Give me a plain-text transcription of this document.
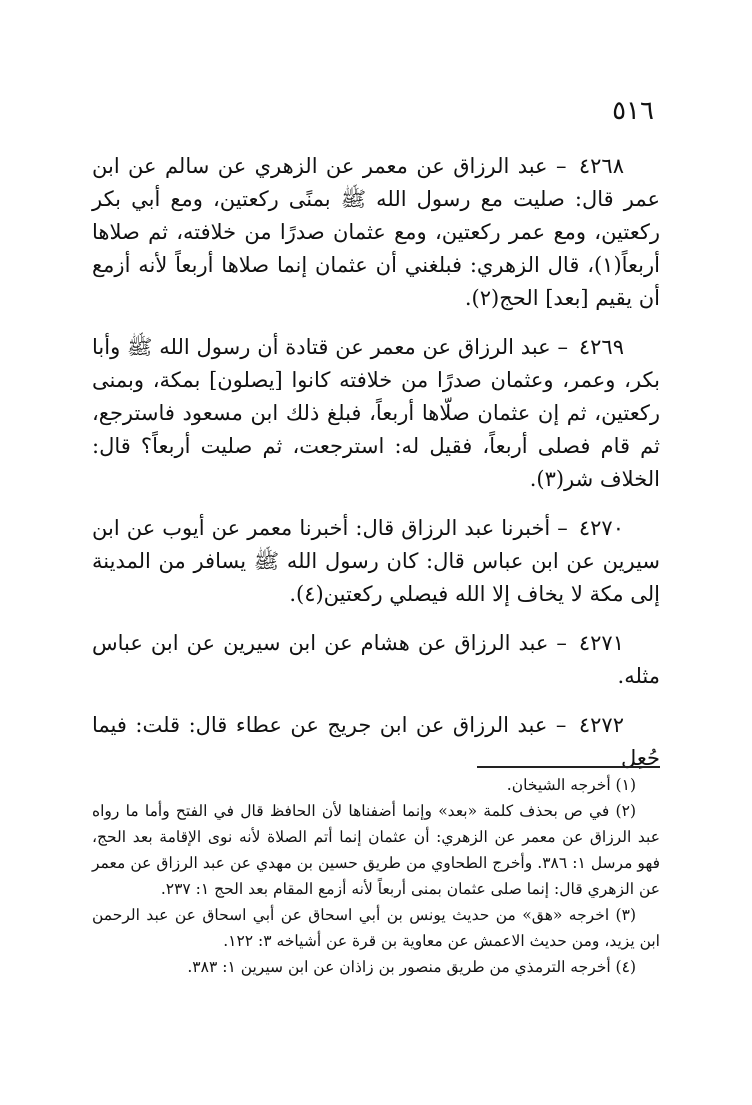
٥١٦

٤٢٦٨ – عبد الرزاق عن معمر عن الزهري عن سالم عن ابن عمر قال: صليت مع رسول الله ﷺ بمنًى ركعتين، ومع أبي بكر ركعتين، ومع عمر ركعتين، ومع عثمان صدرًا من خلافته، ثم صلاها أربعاً(١)، قال الزهري: فبلغني أن عثمان إنما صلاها أربعاً لأنه أزمع أن يقيم [بعد] الحج(٢).

٤٢٦٩ – عبد الرزاق عن معمر عن قتادة أن رسول الله ﷺ وأبا بكر، وعمر، وعثمان صدرًا من خلافته كانوا [يصلون] بمكة، وبمنى ركعتين، ثم إن عثمان صلّاها أربعاً، فبلغ ذلك ابن مسعود فاسترجع، ثم قام فصلى أربعاً، فقيل له: استرجعت، ثم صليت أربعاً؟ قال: الخلاف شر(٣).

٤٢٧٠ – أخبرنا عبد الرزاق قال: أخبرنا معمر عن أيوب عن ابن سيرين عن ابن عباس قال: كان رسول الله ﷺ يسافر من المدينة إلى مكة لا يخاف إلا الله فيصلي ركعتين(٤).

٤٢٧١ – عبد الرزاق عن هشام عن ابن سيرين عن ابن عباس مثله.

٤٢٧٢ – عبد الرزاق عن ابن جريج عن عطاء قال: قلت: فيما جُعِل

(١) أخرجه الشيخان.

(٢) في ص بحذف كلمة «بعد» وإنما أضفناها لأن الحافظ قال في الفتح وأما ما رواه عبد الرزاق عن معمر عن الزهري: أن عثمان إنما أتم الصلاة لأنه نوى الإقامة بعد الحج، فهو مرسل ١: ٣٨٦. وأخرج الطحاوي من طريق حسين بن مهدي عن عبد الرزاق عن معمر عن الزهري قال: إنما صلى عثمان بمنى أربعاً لأنه أزمع المقام بعد الحج ١: ٢٣٧.

(٣) اخرجه «هق» من حديث يونس بن أبي اسحاق عن أبي اسحاق عن عبد الرحمن ابن يزيد، ومن حديث الاعمش عن معاوية بن قرة عن أشياخه ٣: ١٢٢.

(٤) أخرجه الترمذي من طريق منصور بن زاذان عن ابن سيرين ١: ٣٨٣.
